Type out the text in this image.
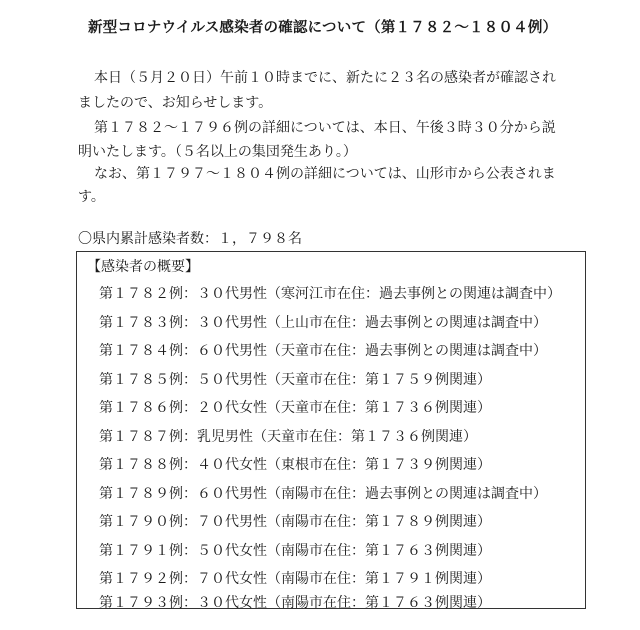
新型コロナウイルス感染者の確認について（第１７８２～１８０４例）
本日（５月２０日）午前１０時までに、新たに２３名の感染者が確認され
ましたので、お知らせします。
第１７８２～１７９６例の詳細については、本日、午後３時３０分から説
明いたします。（５名以上の集団発生あり。）
なお、第１７９７～１８０４例の詳細については、山形市から公表されま
す。
〇県内累計感染者数：１，７９８名
【感染者の概要】
第１７８２例：３０代男性（寒河江市在住：過去事例との関連は調査中）
第１７８３例：３０代男性（上山市在住：過去事例との関連は調査中）
第１７８４例：６０代男性（天童市在住：過去事例との関連は調査中）
第１７８５例：５０代男性（天童市在住：第１７５９例関連）
第１７８６例：２０代女性（天童市在住：第１７３６例関連）
第１７８７例：乳児男性（天童市在住：第１７３６例関連）
第１７８８例：４０代女性（東根市在住：第１７３９例関連）
第１７８９例：６０代男性（南陽市在住：過去事例との関連は調査中）
第１７９０例：７０代男性（南陽市在住：第１７８９例関連）
第１７９１例：５０代女性（南陽市在住：第１７６３例関連）
第１７９２例：７０代女性（南陽市在住：第１７９１例関連）
第１７９３例：３０代女性（南陽市在住：第１７６３例関連）
